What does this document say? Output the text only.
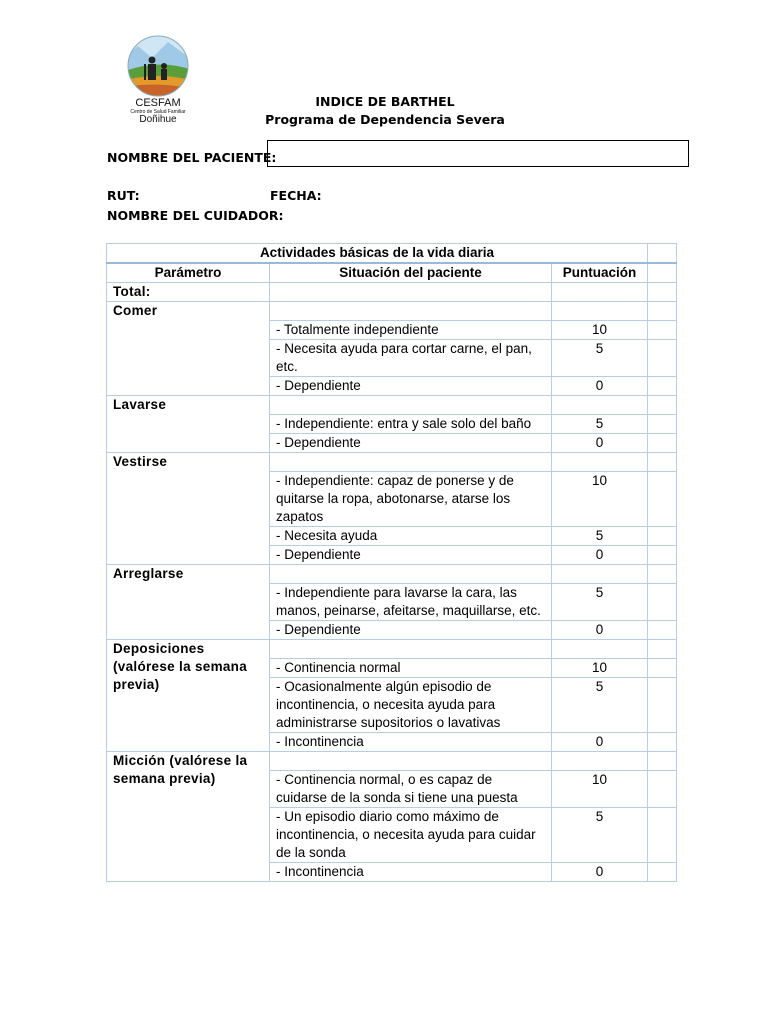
CESFAM
Centro de Salud Familiar
Doñihue
INDICE DE BARTHEL
Programa de Dependencia Severa
NOMBRE DEL PACIENTE:
RUT:	FECHA:
NOMBRE DEL CUIDADOR:
Actividades básicas de la vida diaria			
Parámetro	Situación del paciente	Puntuación	
Total:			
Comer			
	- Totalmente independiente	10	
	- Necesita ayuda para cortar carne, el pan, etc.	5	
	- Dependiente	0	
Lavarse			
	- Independiente: entra y sale solo del baño	5	
	- Dependiente	0	
Vestirse			
	- Independiente: capaz de ponerse y de quitarse la ropa, abotonarse, atarse los zapatos	10	
	- Necesita ayuda	5	
	- Dependiente	0	
Arreglarse			
	- Independiente para lavarse la cara, las manos, peinarse, afeitarse, maquillarse, etc.	5	
	- Dependiente	0	
Deposiciones (valórese la semana previa)			
	- Continencia normal	10	
	- Ocasionalmente algún episodio de incontinencia, o necesita ayuda para administrarse supositorios o lavativas	5	
	- Incontinencia	0	
Micción (valórese la semana previa)			
	- Continencia normal, o es capaz de cuidarse de la sonda si tiene una puesta	10	
	- Un episodio diario como máximo de incontinencia, o necesita ayuda para cuidar de la sonda	5	
	- Incontinencia	0	
